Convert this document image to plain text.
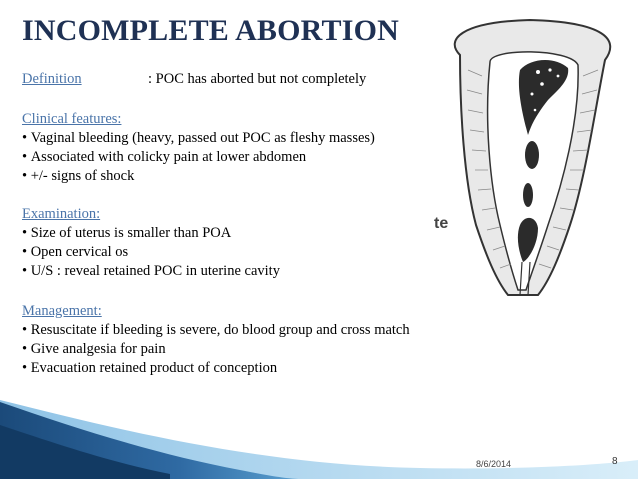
INCOMPLETE ABORTION
te
Definition	: POC has aborted but not completely
Clinical features:
• Vaginal bleeding (heavy, passed out POC as fleshy masses)
• Associated with colicky pain at lower abdomen
• +/- signs of shock
Examination:
• Size of uterus is smaller than POA
• Open cervical os
• U/S : reveal retained POC in uterine cavity
Management:
• Resuscitate if bleeding is severe, do blood group and cross match
• Give analgesia for pain
• Evacuation retained product of conception
8/6/2014	8
